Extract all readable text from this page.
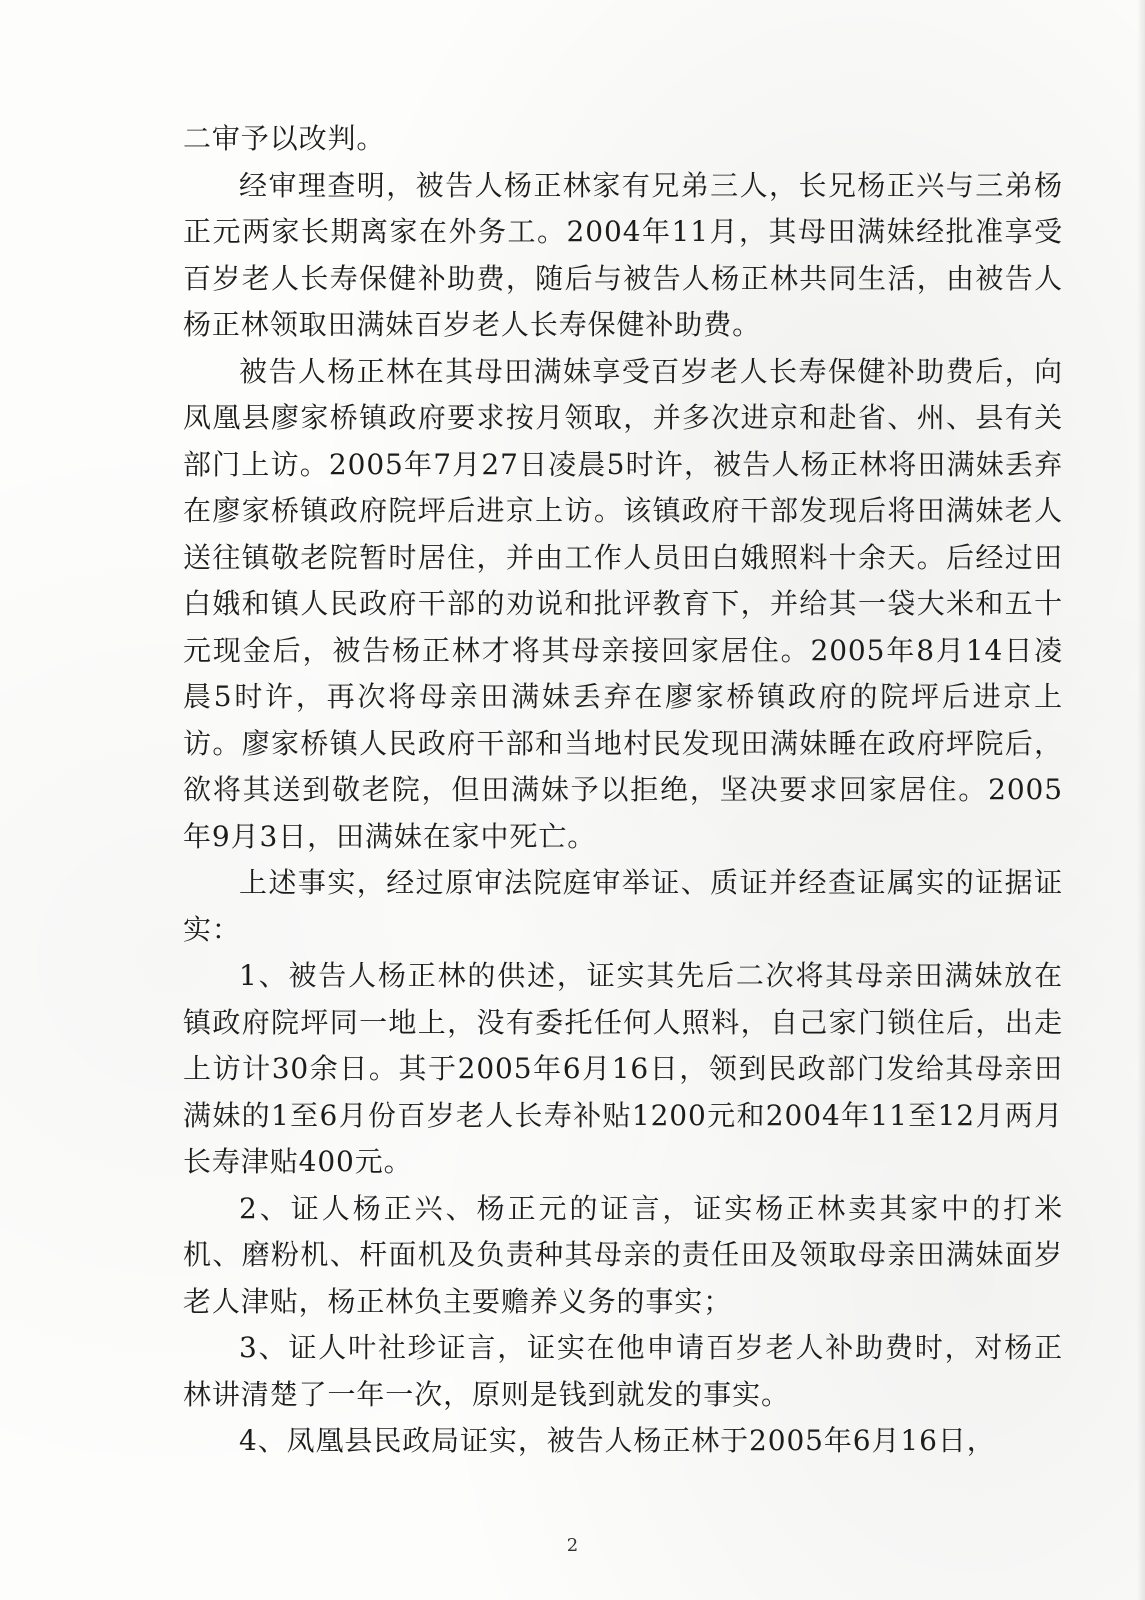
二审予以改判。

经审理查明，被告人杨正林家有兄弟三人，长兄杨正兴与三弟杨正元两家长期离家在外务工。2004年11月，其母田满妹经批准享受百岁老人长寿保健补助费，随后与被告人杨正林共同生活，由被告人杨正林领取田满妹百岁老人长寿保健补助费。

被告人杨正林在其母田满妹享受百岁老人长寿保健补助费后，向凤凰县廖家桥镇政府要求按月领取，并多次进京和赴省、州、县有关部门上访。2005年7月27日凌晨5时许，被告人杨正林将田满妹丢弃在廖家桥镇政府院坪后进京上访。该镇政府干部发现后将田满妹老人送往镇敬老院暂时居住，并由工作人员田白娥照料十余天。后经过田白娥和镇人民政府干部的劝说和批评教育下，并给其一袋大米和五十元现金后，被告杨正林才将其母亲接回家居住。2005年8月14日凌晨5时许，再次将母亲田满妹丢弃在廖家桥镇政府的院坪后进京上访。廖家桥镇人民政府干部和当地村民发现田满妹睡在政府坪院后，欲将其送到敬老院，但田满妹予以拒绝，坚决要求回家居住。2005年9月3日，田满妹在家中死亡。

上述事实，经过原审法院庭审举证、质证并经查证属实的证据证实：

1、被告人杨正林的供述，证实其先后二次将其母亲田满妹放在镇政府院坪同一地上，没有委托任何人照料，自己家门锁住后，出走上访计30余日。其于2005年6月16日，领到民政部门发给其母亲田满妹的1至6月份百岁老人长寿补贴1200元和2004年11至12月两月长寿津贴400元。

2、证人杨正兴、杨正元的证言，证实杨正林卖其家中的打米机、磨粉机、杆面机及负责种其母亲的责任田及领取母亲田满妹面岁老人津贴，杨正林负主要赡养义务的事实；

3、证人叶社珍证言，证实在他申请百岁老人补助费时，对杨正林讲清楚了一年一次，原则是钱到就发的事实。

4、凤凰县民政局证实，被告人杨正林于2005年6月16日，

2
